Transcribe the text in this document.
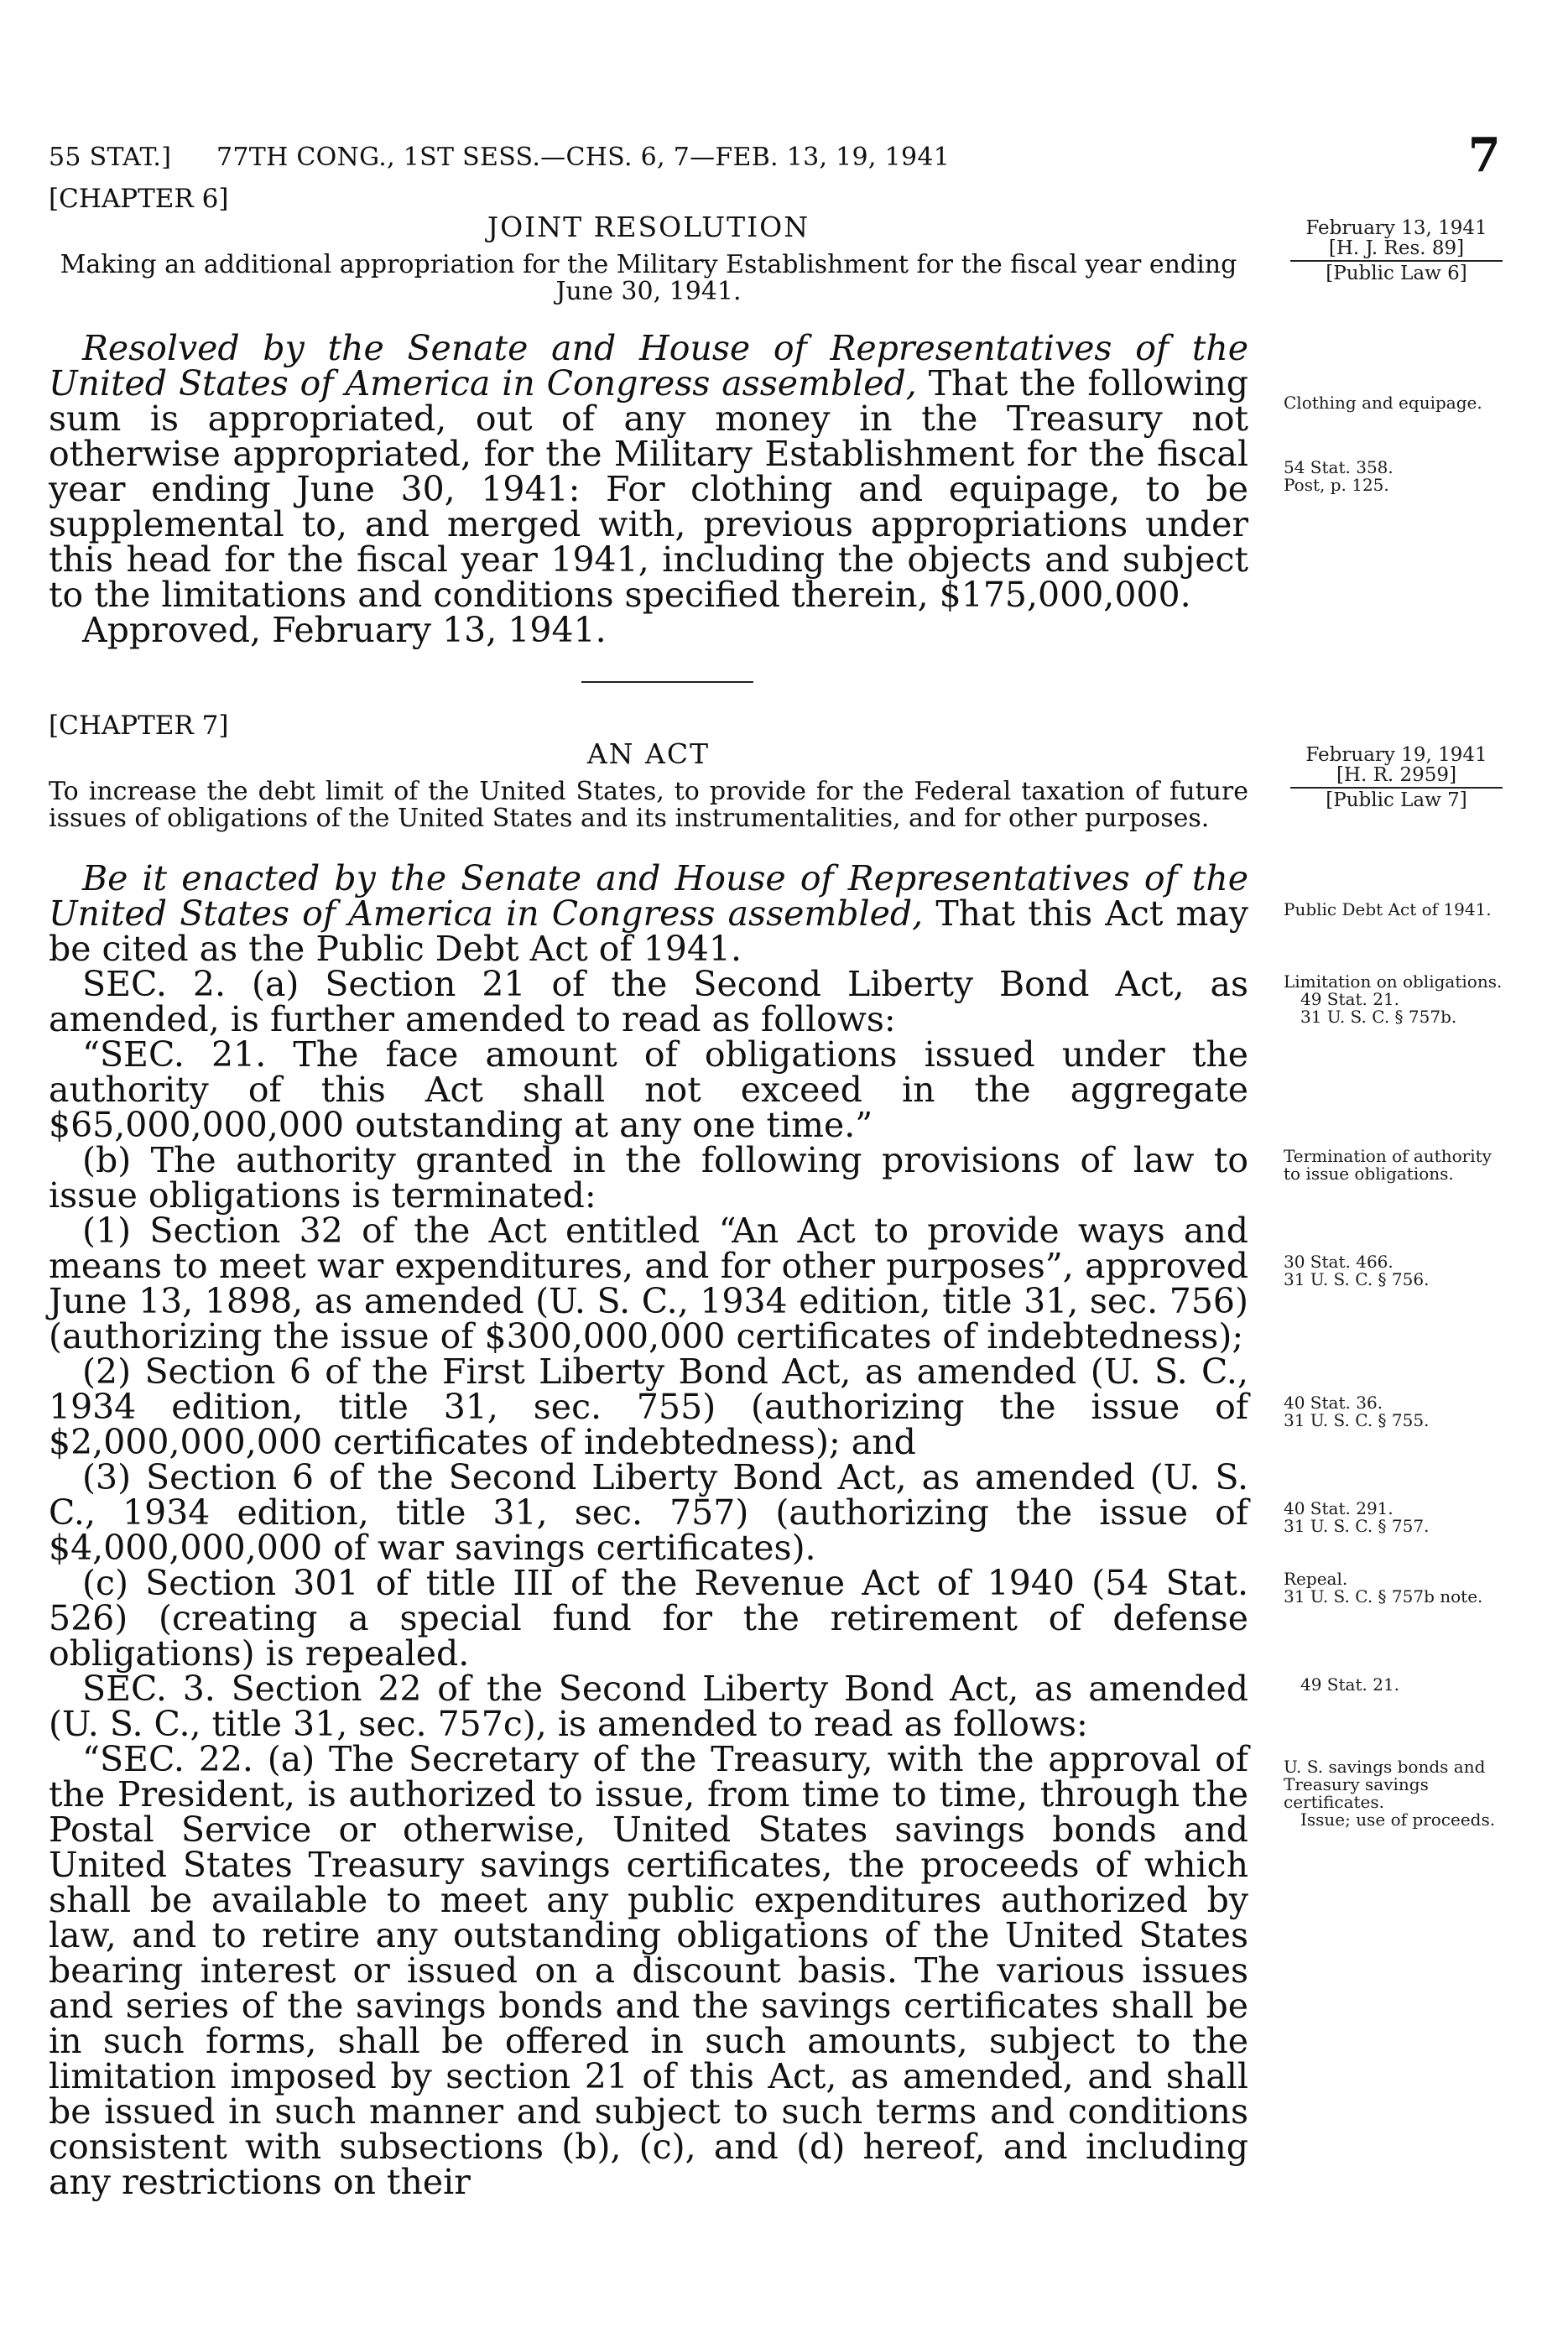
55 STAT.] 77TH CONG., 1ST SESS.—CHS. 6, 7—FEB. 13, 19, 1941	7

[CHAPTER 6]

JOINT RESOLUTION

Making an additional appropriation for the Military Establishment for the fiscal year ending June 30, 1941.

February 13, 1941

[H. J. Res. 89]

[Public Law 6]

Resolved by the Senate and House of Representatives of the United States of America in Congress assembled, That the following sum is appropriated, out of any money in the Treasury not otherwise appropriated, for the Military Establishment for the fiscal year ending June 30, 1941: For clothing and equipage, to be supplemental to, and merged with, previous appropriations under this head for the fiscal year 1941, including the objects and subject to the limitations and conditions specified therein, $175,000,000.

Approved, February 13, 1941.

Clothing and equipage.

54 Stat. 358.

Post, p. 125.

[CHAPTER 7]

AN ACT

To increase the debt limit of the United States, to provide for the Federal taxation of future issues of obligations of the United States and its instrumentalities, and for other purposes.

February 19, 1941

[H. R. 2959]

[Public Law 7]

Be it enacted by the Senate and House of Representatives of the United States of America in Congress assembled, That this Act may be cited as the Public Debt Act of 1941.

Public Debt Act of 1941.

SEC. 2. (a) Section 21 of the Second Liberty Bond Act, as amended, is further amended to read as follows:

“SEC. 21. The face amount of obligations issued under the authority of this Act shall not exceed in the aggregate $65,000,000,000 outstanding at any one time.”

Limitation on obligations.

49 Stat. 21.

31 U. S. C. § 757b.

(b) The authority granted in the following provisions of law to issue obligations is terminated:

Termination of authority to issue obligations.

(1) Section 32 of the Act entitled “An Act to provide ways and means to meet war expenditures, and for other purposes”, approved June 13, 1898, as amended (U. S. C., 1934 edition, title 31, sec. 756) (authorizing the issue of $300,000,000 certificates of indebtedness);

30 Stat. 466.

31 U. S. C. § 756.

(2) Section 6 of the First Liberty Bond Act, as amended (U. S. C., 1934 edition, title 31, sec. 755) (authorizing the issue of $2,000,000,000 certificates of indebtedness); and

40 Stat. 36.

31 U. S. C. § 755.

(3) Section 6 of the Second Liberty Bond Act, as amended (U. S. C., 1934 edition, title 31, sec. 757) (authorizing the issue of $4,000,000,000 of war savings certificates).

40 Stat. 291.

31 U. S. C. § 757.

(c) Section 301 of title III of the Revenue Act of 1940 (54 Stat. 526) (creating a special fund for the retirement of defense obligations) is repealed.

Repeal.

31 U. S. C. § 757b note.

SEC. 3. Section 22 of the Second Liberty Bond Act, as amended (U. S. C., title 31, sec. 757c), is amended to read as follows:

49 Stat. 21.

“SEC. 22. (a) The Secretary of the Treasury, with the approval of the President, is authorized to issue, from time to time, through the Postal Service or otherwise, United States savings bonds and United States Treasury savings certificates, the proceeds of which shall be available to meet any public expenditures authorized by law, and to retire any outstanding obligations of the United States bearing interest or issued on a discount basis. The various issues and series of the savings bonds and the savings certificates shall be in such forms, shall be offered in such amounts, subject to the limitation imposed by section 21 of this Act, as amended, and shall be issued in such manner and subject to such terms and conditions consistent with subsections (b), (c), and (d) hereof, and including any restrictions on their

U. S. savings bonds and Treasury savings certificates.

Issue; use of proceeds.
